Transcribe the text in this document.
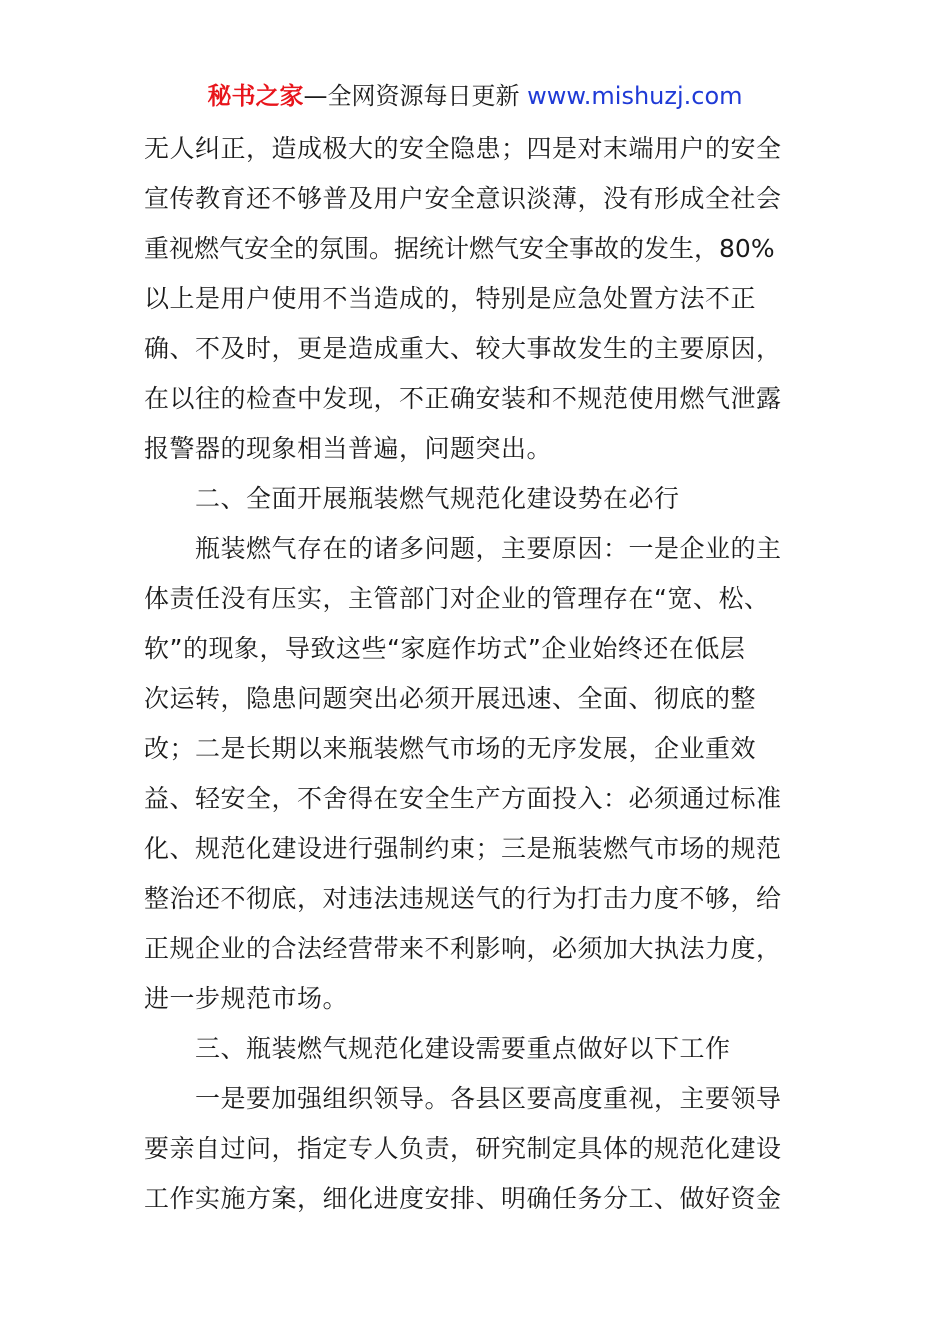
秘书之家—全网资源每日更新 www.mishuzj.com
无人纠正，造成极大的安全隐患；四是对末端用户的安全
宣传教育还不够普及用户安全意识淡薄，没有形成全社会
重视燃气安全的氛围。据统计燃气安全事故的发生，80%
以上是用户使用不当造成的，特别是应急处置方法不正
确、不及时，更是造成重大、较大事故发生的主要原因，
在以往的检查中发现，不正确安装和不规范使用燃气泄露
报警器的现象相当普遍，问题突出。
　　二、全面开展瓶装燃气规范化建设势在必行
　　瓶装燃气存在的诸多问题，主要原因：一是企业的主
体责任没有压实，主管部门对企业的管理存在“宽、松、
软”的现象，导致这些“家庭作坊式”企业始终还在低层
次运转，隐患问题突出必须开展迅速、全面、彻底的整
改；二是长期以来瓶装燃气市场的无序发展，企业重效
益、轻安全，不舍得在安全生产方面投入：必须通过标准
化、规范化建设进行强制约束；三是瓶装燃气市场的规范
整治还不彻底，对违法违规送气的行为打击力度不够，给
正规企业的合法经营带来不利影响，必须加大执法力度，
进一步规范市场。
　　三、瓶装燃气规范化建设需要重点做好以下工作
　　一是要加强组织领导。各县区要高度重视，主要领导
要亲自过问，指定专人负责，研究制定具体的规范化建设
工作实施方案，细化进度安排、明确任务分工、做好资金
